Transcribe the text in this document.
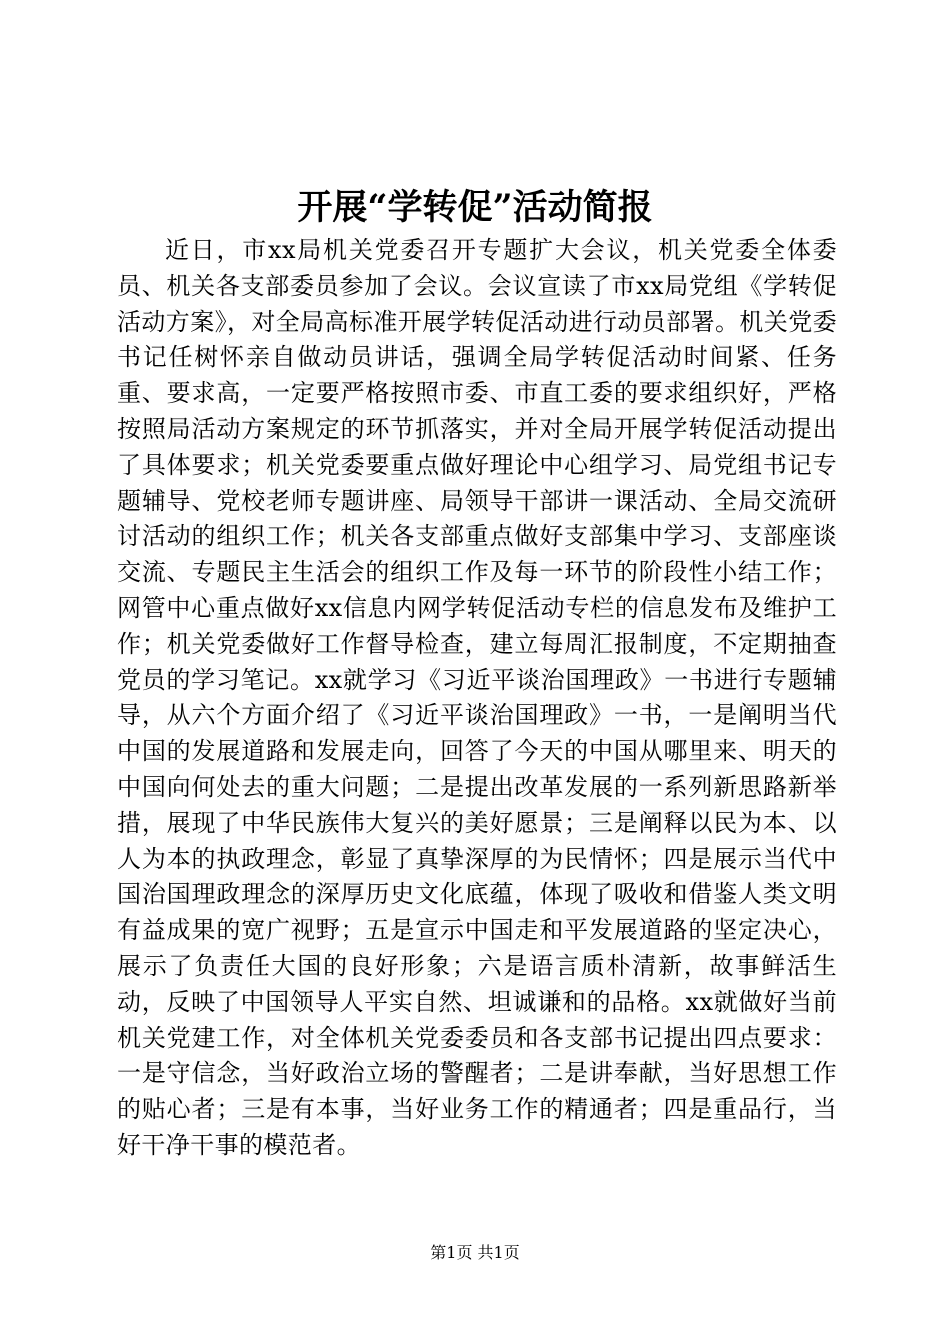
开展“学转促”活动简报

近日，市xx局机关党委召开专题扩大会议，机关党委全体委员、机关各支部委员参加了会议。会议宣读了市xx局党组《学转促活动方案》，对全局高标准开展学转促活动进行动员部署。机关党委书记任树怀亲自做动员讲话，强调全局学转促活动时间紧、任务重、要求高，一定要严格按照市委、市直工委的要求组织好，严格按照局活动方案规定的环节抓落实，并对全局开展学转促活动提出了具体要求；机关党委要重点做好理论中心组学习、局党组书记专题辅导、党校老师专题讲座、局领导干部讲一课活动、全局交流研讨活动的组织工作；机关各支部重点做好支部集中学习、支部座谈交流、专题民主生活会的组织工作及每一环节的阶段性小结工作；网管中心重点做好xx信息内网学转促活动专栏的信息发布及维护工作；机关党委做好工作督导检查，建立每周汇报制度，不定期抽查党员的学习笔记。xx就学习《习近平谈治国理政》一书进行专题辅导，从六个方面介绍了《习近平谈治国理政》一书，一是阐明当代中国的发展道路和发展走向，回答了今天的中国从哪里来、明天的中国向何处去的重大问题；二是提出改革发展的一系列新思路新举措，展现了中华民族伟大复兴的美好愿景；三是阐释以民为本、以人为本的执政理念，彰显了真挚深厚的为民情怀；四是展示当代中国治国理政理念的深厚历史文化底蕴，体现了吸收和借鉴人类文明有益成果的宽广视野；五是宣示中国走和平发展道路的坚定决心，展示了负责任大国的良好形象；六是语言质朴清新，故事鲜活生动，反映了中国领导人平实自然、坦诚谦和的品格。xx就做好当前机关党建工作，对全体机关党委委员和各支部书记提出四点要求：一是守信念，当好政治立场的警醒者；二是讲奉献，当好思想工作的贴心者；三是有本事，当好业务工作的精通者；四是重品行，当好干净干事的模范者。

第1页 共1页
